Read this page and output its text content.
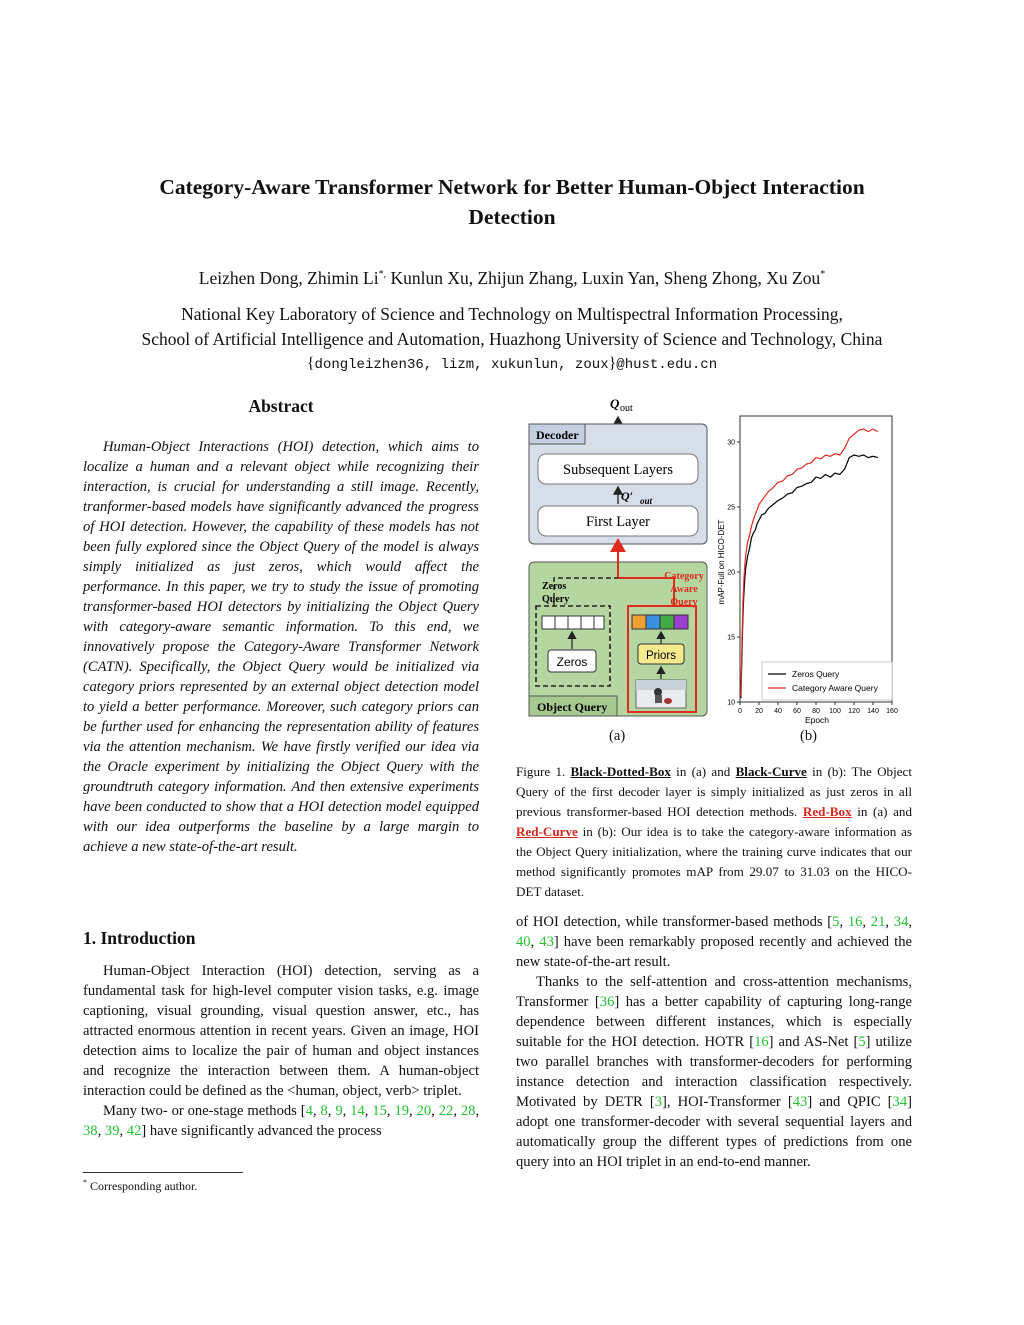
Category-Aware Transformer Network for Better Human-Object Interaction
Detection
Leizhen Dong, Zhimin Li*, Kunlun Xu, Zhijun Zhang, Luxin Yan, Sheng Zhong, Xu Zou*
National Key Laboratory of Science and Technology on Multispectral Information Processing,
School of Artificial Intelligence and Automation, Huazhong University of Science and Technology, China
{dongleizhen36, lizm, xukunlun, zoux}@hust.edu.cn
Abstract
Human-Object Interactions (HOI) detection, which aims to localize a human and a relevant object while recognizing their interaction, is crucial for understanding a still image. Recently, tranformer-based models have significantly advanced the progress of HOI detection. However, the capability of these models has not been fully explored since the Object Query of the model is always simply initialized as just zeros, which would affect the performance. In this paper, we try to study the issue of promoting transformer-based HOI detectors by initializing the Object Query with category-aware semantic information. To this end, we innovatively propose the Category-Aware Transformer Network (CATN). Specifically, the Object Query would be initialized via category priors represented by an external object detection model to yield a better performance. Moreover, such category priors can be further used for enhancing the representation ability of features via the attention mechanism. We have firstly verified our idea via the Oracle experiment by initializing the Object Query with the groundtruth category information. And then extensive experiments have been conducted to show that a HOI detection model equipped with our idea outperforms the baseline by a large margin to achieve a new state-of-the-art result.
1. Introduction

Human-Object Interaction (HOI) detection, serving as a fundamental task for high-level computer vision tasks, e.g. image captioning, visual grounding, visual question answer, etc., has attracted enormous attention in recent years. Given an image, HOI detection aims to localize the pair of human and object instances and recognize the interaction between them. A human-object interaction could be defined as the <human, object, verb> triplet.

Many two- or one-stage methods [4, 8, 9, 14, 15, 19, 20, 22, 28, 38, 39, 42] have significantly advanced the process

* Corresponding author.

of HOI detection, while transformer-based methods [5, 16, 21, 34, 40, 43] have been remarkably proposed recently and achieved the new state-of-the-art result.

Thanks to the self-attention and cross-attention mechanisms, Transformer [36] has a better capability of capturing long-range dependence between different instances, which is especially suitable for the HOI detection. HOTR [16] and AS-Net [5] utilize two parallel branches with transformer-decoders for performing instance detection and interaction classification respectively. Motivated by DETR [3], HOI-Transformer [43] and QPIC [34] adopt one transformer-decoder with several sequential layers and automatically group the different types of predictions from one query into an HOI triplet in an end-to-end manner.

Q out
Decoder
Subsequent Layers
Q′ out
First Layer
Object Query
Zeros
Query
Category
Aware
Query
Zeros	Priors
mAP-Full on HICO-DET
Epoch
10
15
20
25
30
0 20 40 60 80 100 120 140 160
Zeros Query
Category Aware Query
(a)	(b)
Figure 1. Black-Dotted-Box in (a) and Black-Curve in (b): The Object Query of the first decoder layer is simply initialized as just zeros in all previous transformer-based HOI detection methods. Red-Box in (a) and Red-Curve in (b): Our idea is to take the category-aware information as the Object Query initialization, where the training curve indicates that our method significantly promotes mAP from 29.07 to 31.03 on the HICO-DET dataset.
